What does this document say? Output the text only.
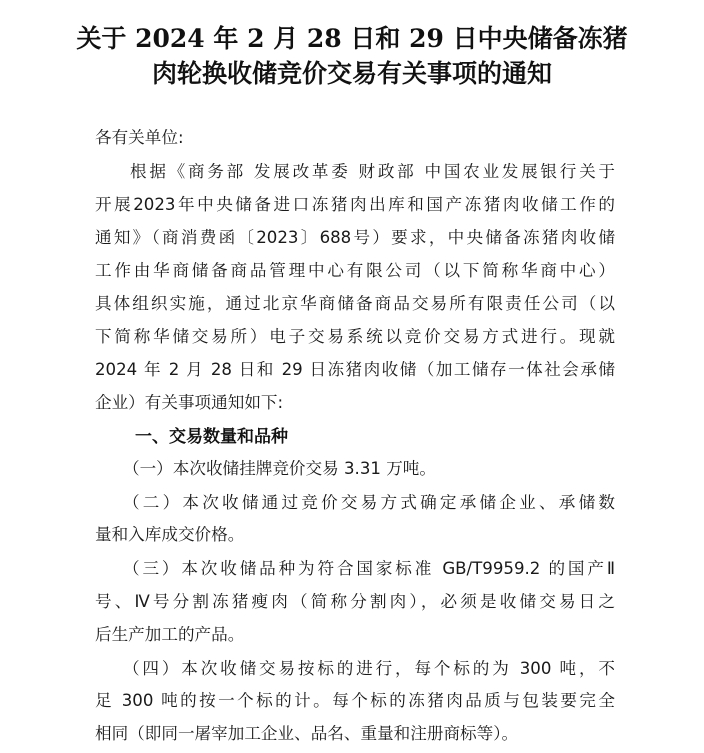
关于 2024 年 2 月 28 日和 29 日中央储备冻猪
肉轮换收储竞价交易有关事项的通知
各有关单位:
根据《商务部 发展改革委 财政部 中国农业发展银行关于
开展2023年中央储备进口冻猪肉出库和国产冻猪肉收储工作的
通知》（商消费函〔2023〕688号）要求，中央储备冻猪肉收储
工作由华商储备商品管理中心有限公司（以下简称华商中心）
具体组织实施，通过北京华商储备商品交易所有限责任公司（以
下简称华储交易所）电子交易系统以竞价交易方式进行。现就
2024 年 2 月 28 日和 29 日冻猪肉收储（加工储存一体社会承储
企业）有关事项通知如下:
一、交易数量和品种
（一）本次收储挂牌竞价交易 3.31 万吨。
（二）本次收储通过竞价交易方式确定承储企业、承储数
量和入库成交价格。
（三）本次收储品种为符合国家标准 GB/T9959.2 的国产Ⅱ
号、Ⅳ号分割冻猪瘦肉（简称分割肉），必须是收储交易日之
后生产加工的产品。
（四）本次收储交易按标的进行，每个标的为 300 吨，不
足 300 吨的按一个标的计。每个标的冻猪肉品质与包装要完全
相同（即同一屠宰加工企业、品名、重量和注册商标等）。
